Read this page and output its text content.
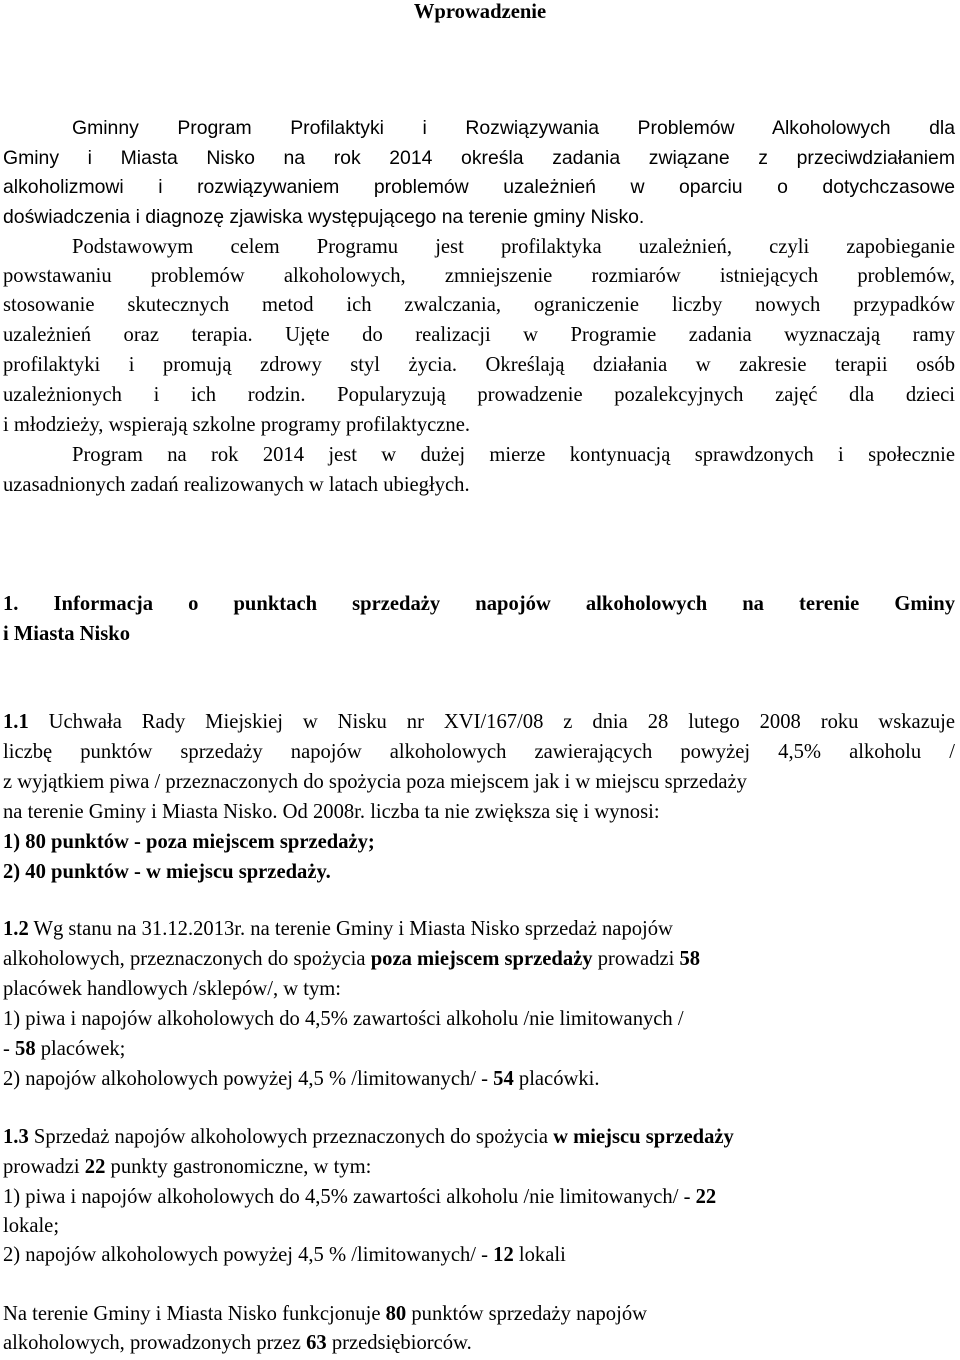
Wprowadzenie

Gminny Program Profilaktyki i Rozwiązywania Problemów Alkoholowych dla

Gminy i Miasta Nisko na rok 2014 określa zadania związane z przeciwdziałaniem

alkoholizmowi i rozwiązywaniem problemów uzależnień w oparciu o dotychczasowe

doświadczenia i diagnozę zjawiska występującego na terenie gminy Nisko.

Podstawowym celem Programu jest profilaktyka uzależnień, czyli zapobieganie

powstawaniu problemów alkoholowych, zmniejszenie rozmiarów istniejących problemów,

stosowanie skutecznych metod ich zwalczania, ograniczenie liczby nowych przypadków

uzależnień oraz terapia. Ujęte do realizacji w Programie zadania wyznaczają ramy

profilaktyki i promują zdrowy styl życia. Określają działania w zakresie terapii osób

uzależnionych i ich rodzin. Popularyzują prowadzenie pozalekcyjnych zajęć dla dzieci

i młodzieży, wspierają szkolne programy profilaktyczne.

Program na rok 2014 jest w dużej mierze kontynuacją sprawdzonych i społecznie

uzasadnionych zadań realizowanych w latach ubiegłych.

1. Informacja o punktach sprzedaży napojów alkoholowych na terenie Gminy

i Miasta Nisko

1.1 Uchwała Rady Miejskiej w Nisku nr XVI/167/08 z dnia 28 lutego 2008 roku wskazuje

liczbę punktów sprzedaży napojów alkoholowych zawierających powyżej 4,5% alkoholu /

z wyjątkiem piwa / przeznaczonych do spożycia poza miejscem jak i w miejscu sprzedaży

na terenie Gminy i Miasta Nisko. Od 2008r. liczba ta nie zwiększa się i wynosi:

1) 80 punktów - poza miejscem sprzedaży;

2) 40 punktów - w miejscu sprzedaży.

1.2 Wg stanu na 31.12.2013r. na terenie Gminy i Miasta Nisko sprzedaż napojów

alkoholowych, przeznaczonych do spożycia poza miejscem sprzedaży prowadzi 58

placówek handlowych /sklepów/, w tym:

1) piwa i napojów alkoholowych do 4,5% zawartości alkoholu /nie limitowanych /

- 58 placówek;

2) napojów alkoholowych powyżej 4,5 % /limitowanych/ - 54 placówki.

1.3 Sprzedaż napojów alkoholowych przeznaczonych do spożycia w miejscu sprzedaży

prowadzi 22 punkty gastronomiczne, w tym:

1) piwa i napojów alkoholowych do 4,5% zawartości alkoholu /nie limitowanych/ - 22

lokale;

2) napojów alkoholowych powyżej 4,5 % /limitowanych/ - 12 lokali

Na terenie Gminy i Miasta Nisko funkcjonuje 80 punktów sprzedaży napojów

alkoholowych, prowadzonych przez 63 przedsiębiorców.
